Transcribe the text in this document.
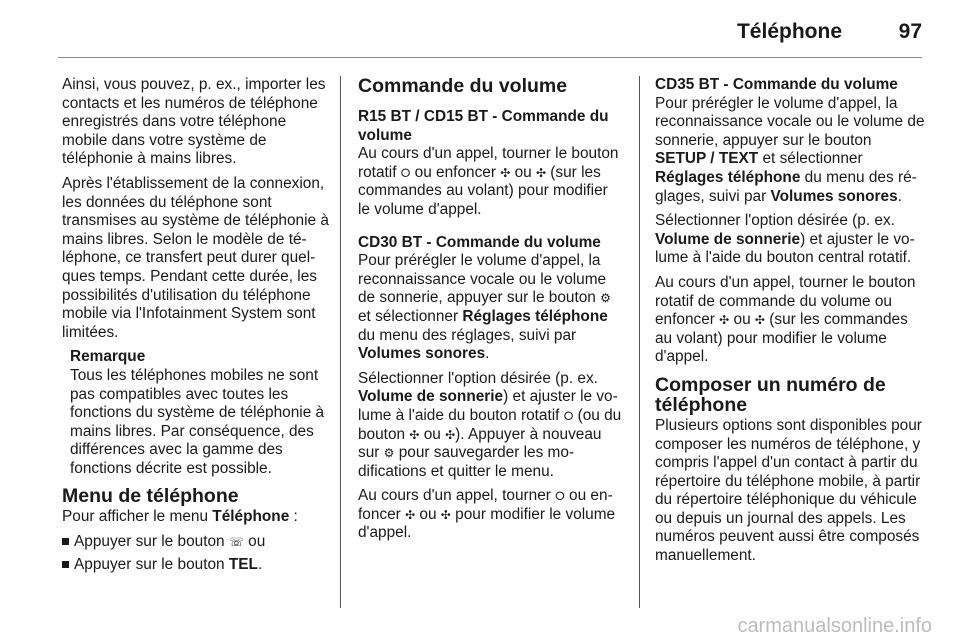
Téléphone	97

Ainsi, vous pouvez, p. ex., importer les contacts et les numéros de téléphone enregistrés dans votre téléphone mobile dans votre système de téléphonie à mains libres.

Après l'établissement de la connexion, les données du téléphone sont transmises au système de téléphonie à mains libres. Selon le modèle de téléphone, ce transfert peut durer quelques temps. Pendant cette durée, les possibilités d'utilisation du téléphone mobile via l'Infotainment System sont limitées.

Remarque
Tous les téléphones mobiles ne sont pas compatibles avec toutes les fonctions du système de téléphonie à mains libres. Par conséquence, des différences avec la gamme des fonctions décrite est possible.
Menu de téléphone

Pour afficher le menu Téléphone :

Appuyer sur le bouton ☏ ou
Appuyer sur le bouton TEL.
Commande du volume
R15 BT / CD15 BT - Commande du volume

Au cours d'un appel, tourner le bouton rotatif ⭘ ou enfoncer ✣ ou ✣ (sur les commandes au volant) pour modifier le volume d'appel.

CD30 BT - Commande du volume

Pour prérégler le volume d'appel, la reconnaissance vocale ou le volume de sonnerie, appuyer sur le bouton ⚙ et sélectionner Réglages téléphone du menu des réglages, suivi par Volumes sonores.

Sélectionner l'option désirée (p. ex. Volume de sonnerie) et ajuster le volume à l'aide du bouton rotatif ⭘ (ou du bouton ✣ ou ✣). Appuyer à nouveau sur ⚙ pour sauvegarder les modifications et quitter le menu.

Au cours d'un appel, tourner ⭘ ou enfoncer ✣ ou ✣ pour modifier le volume d'appel.

CD35 BT - Commande du volume

Pour prérégler le volume d'appel, la reconnaissance vocale ou le volume de sonnerie, appuyer sur le bouton SETUP / TEXT et sélectionner Réglages téléphone du menu des réglages, suivi par Volumes sonores.

Sélectionner l'option désirée (p. ex. Volume de sonnerie) et ajuster le volume à l'aide du bouton central rotatif.

Au cours d'un appel, tourner le bouton rotatif de commande du volume ou enfoncer ✣ ou ✣ (sur les commandes au volant) pour modifier le volume d'appel.

Composer un numéro de téléphone

Plusieurs options sont disponibles pour composer les numéros de téléphone, y compris l'appel d'un contact à partir du répertoire du téléphone mobile, à partir du répertoire téléphonique du véhicule ou depuis un journal des appels. Les numéros peuvent aussi être composés manuellement.

carmanualsonline.info
